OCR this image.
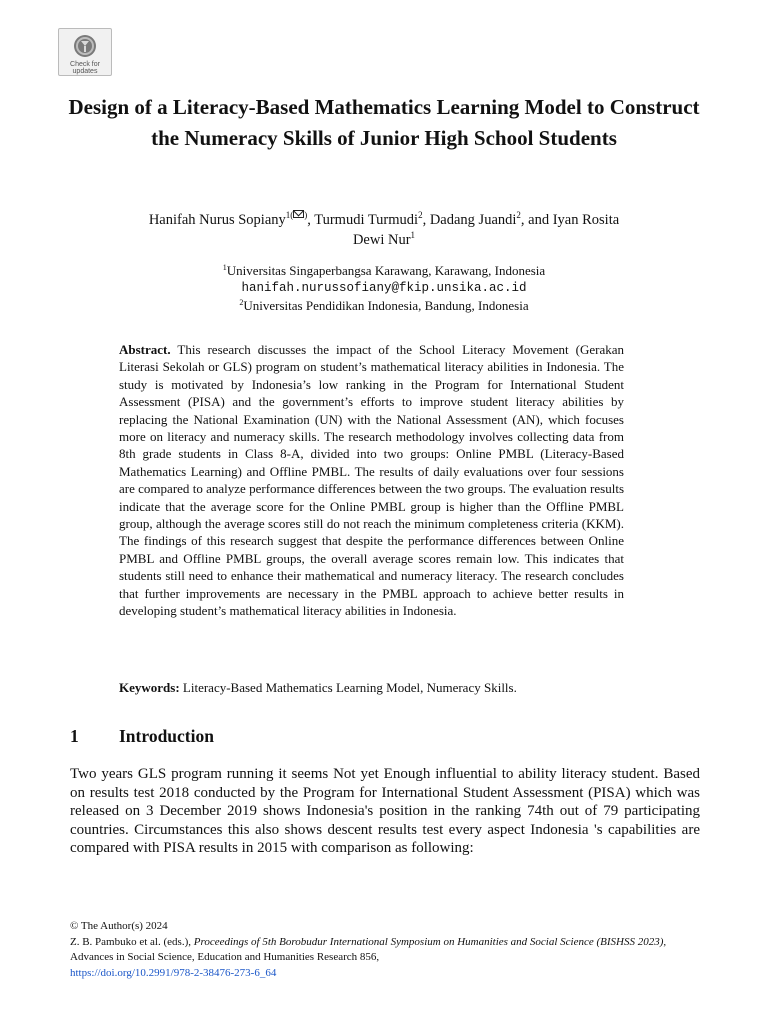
Check for
updates
Design of a Literacy-Based Mathematics Learning Model to Construct the Numeracy Skills of Junior High School Students
Hanifah Nurus Sopiany$^{1( )}$, Turmudi Turmudi$^2$, Dadang Juandi$^2$, and Iyan Rosita
Dewi Nur$^1$
$^1$Universitas Singaperbangsa Karawang, Karawang, Indonesia
hanifah.nurussofiany@fkip.unsika.ac.id
$^2$Universitas Pendidikan Indonesia, Bandung, Indonesia

Abstract. This research discusses the impact of the School Literacy Movement (Gerakan Literasi Sekolah or GLS) program on student’s mathematical literacy abilities in Indonesia. The study is motivated by Indonesia’s low ranking in the Program for International Student Assessment (PISA) and the government’s efforts to improve student literacy abilities by replacing the National Examination (UN) with the National Assessment (AN), which focuses more on literacy and numeracy skills. The research methodology involves collecting data from 8th grade students in Class 8-A, divided into two groups: Online PMBL (Literacy-Based Mathematics Learning) and Offline PMBL. The results of daily evaluations over four sessions are compared to analyze performance differences between the two groups. The evaluation results indicate that the average score for the Online PMBL group is higher than the Offline PMBL group, although the average scores still do not reach the minimum completeness criteria (KKM). The findings of this research suggest that despite the performance differences between Online PMBL and Offline PMBL groups, the overall average scores remain low. This indicates that students still need to enhance their mathematical and numeracy literacy. The research concludes that further improvements are necessary in the PMBL approach to achieve better results in developing student’s mathematical literacy abilities in Indonesia.

Keywords: Literacy-Based Mathematics Learning Model, Numeracy Skills.

1 Introduction

Two years GLS program running it seems Not yet Enough influential to ability literacy student. Based on results test 2018 conducted by the Program for International Student Assessment (PISA) which was released on 3 December 2019 shows Indonesia's position in the ranking 74th out of 79 participating countries. Circumstances this also shows descent results test every aspect Indonesia 's capabilities are compared with PISA results in 2015 with comparison as following:

© The Author(s) 2024
Z. B. Pambuko et al. (eds.), Proceedings of 5th Borobudur International Symposium on Humanities and Social Science (BISHSS 2023), Advances in Social Science, Education and Humanities Research 856,
https://doi.org/10.2991/978-2-38476-273-6_64
